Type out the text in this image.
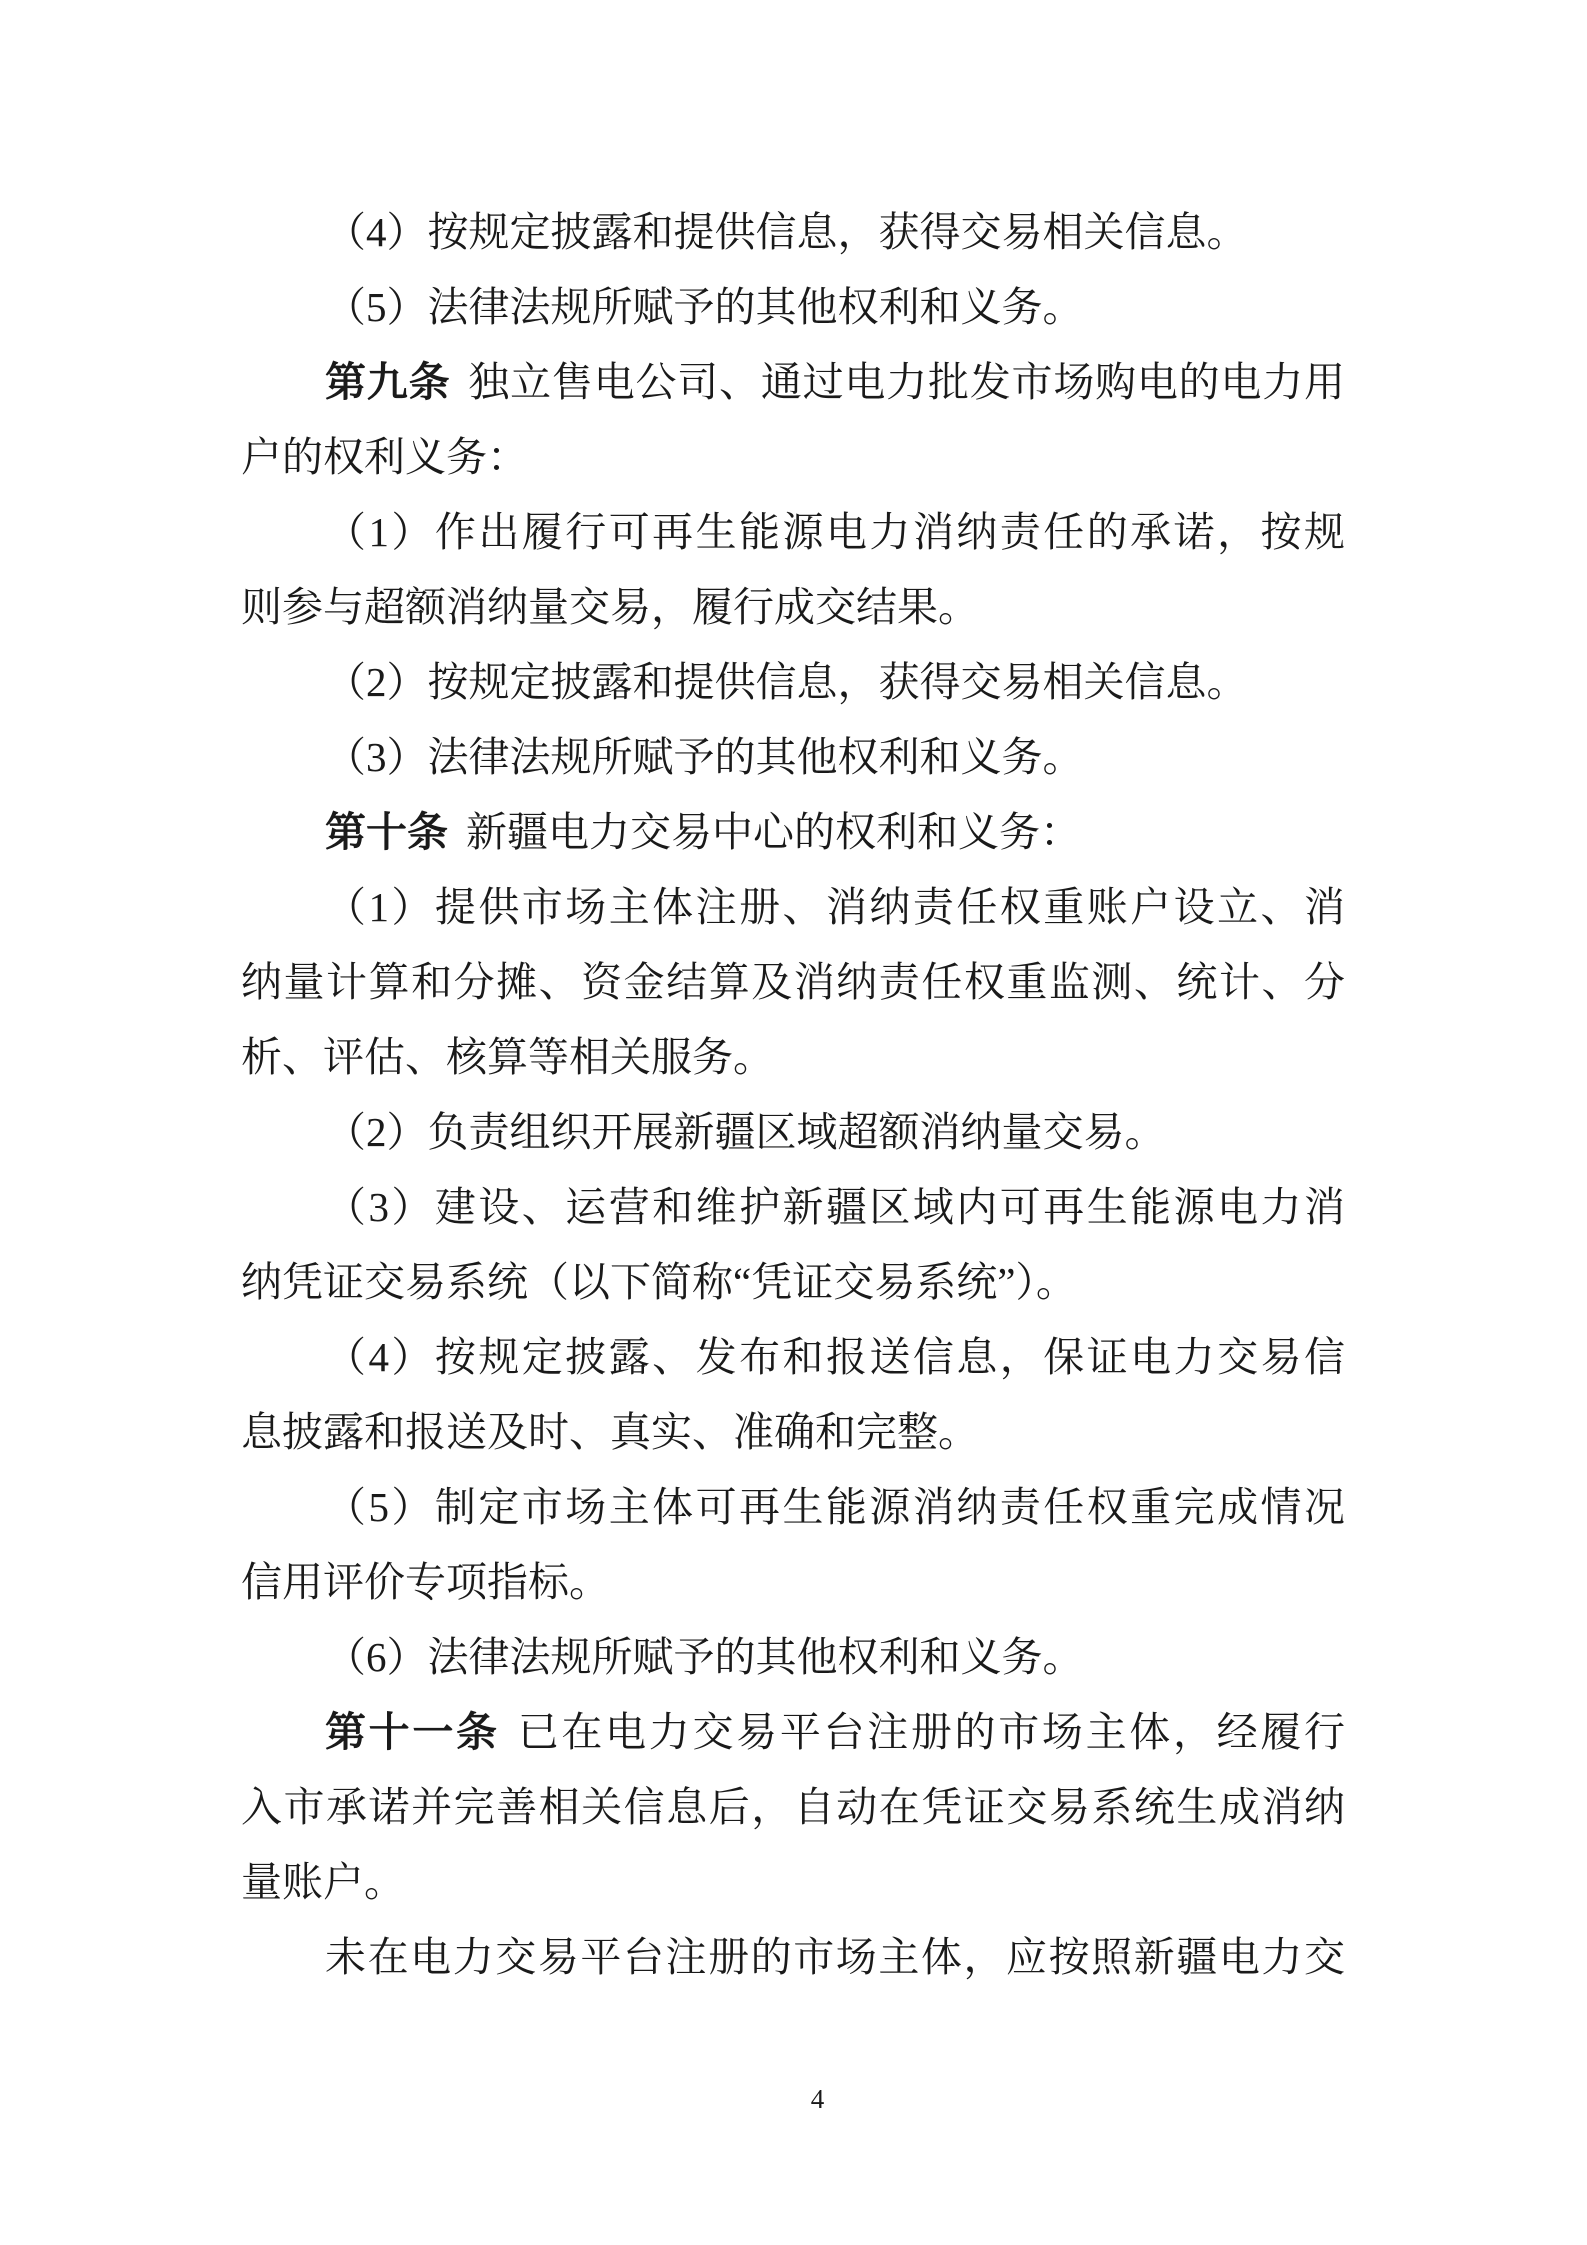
（4）按规定披露和提供信息，获得交易相关信息。
（5）法律法规所赋予的其他权利和义务。
第九条 独立售电公司、通过电力批发市场购电的电力用
户的权利义务：
（1）作出履行可再生能源电力消纳责任的承诺，按规
则参与超额消纳量交易，履行成交结果。
（2）按规定披露和提供信息，获得交易相关信息。
（3）法律法规所赋予的其他权利和义务。
第十条 新疆电力交易中心的权利和义务：
（1）提供市场主体注册、消纳责任权重账户设立、消
纳量计算和分摊、资金结算及消纳责任权重监测、统计、分
析、评估、核算等相关服务。
（2）负责组织开展新疆区域超额消纳量交易。
（3）建设、运营和维护新疆区域内可再生能源电力消
纳凭证交易系统（以下简称“凭证交易系统”）。
（4）按规定披露、发布和报送信息，保证电力交易信
息披露和报送及时、真实、准确和完整。
（5）制定市场主体可再生能源消纳责任权重完成情况
信用评价专项指标。
（6）法律法规所赋予的其他权利和义务。
第十一条 已在电力交易平台注册的市场主体，经履行
入市承诺并完善相关信息后，自动在凭证交易系统生成消纳
量账户。
未在电力交易平台注册的市场主体，应按照新疆电力交
4
